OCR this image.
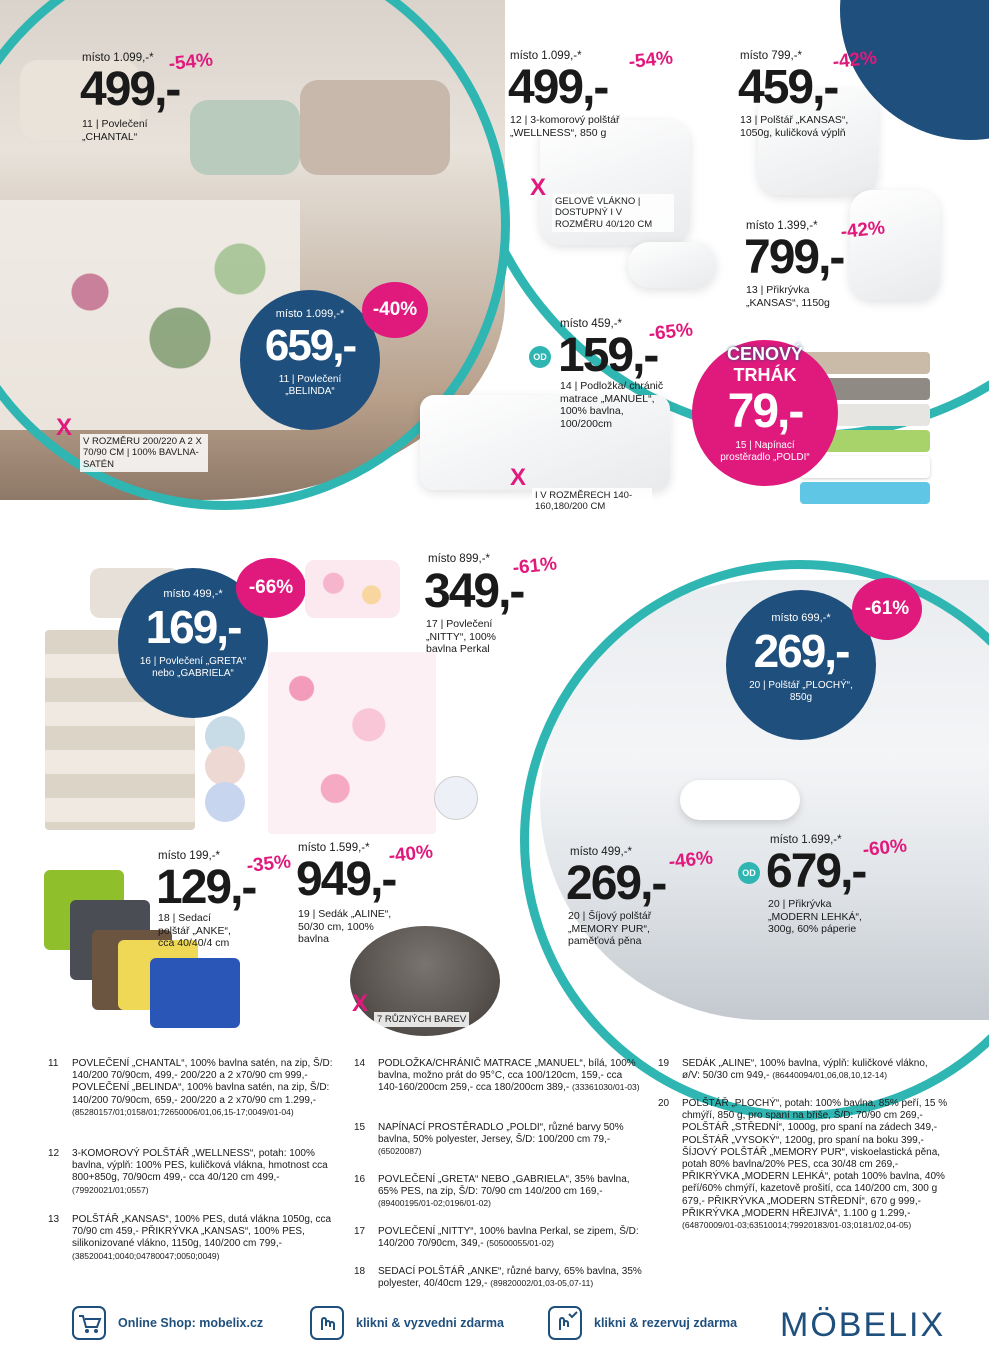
místo 1.099,-*
499,-
-54%
11 | Povlečení „CHANTAL“
místo 1.099,-*
659,-
11 | Povlečení „BELINDA“
-40%
X
V ROZMĚRU 200/220 A 2 X 70/90 CM | 100% BAVLNA-SATÉN
místo 1.099,-*
499,-
-54%
12 | 3-komorový polštář „WELLNESS“, 850 g
X
GELOVÉ VLÁKNO | DOSTUPNÝ I V ROZMĚRU 40/120 CM
místo 799,-*
459,-
-42%
13 | Polštář „KANSAS“, 1050g, kuličková výplň
místo 1.399,-*
799,-
-42%
13 | Přikrývka „KANSAS“, 1150g
místo 459,-*
OD 159,-
-65%
14 | Podložka/ chránič matrace „MANUEL“, 100% bavlna, 100/200cm
X
I V ROZMĚRECH 140-160,180/200 CM
CENOVÝ
TRHÁK
79,-
15 | Napínací prostěradlo „POLDI“
místo 499,-*
169,-
16 | Povlečení „GRETA“ nebo „GABRIELA“
-66%
místo 899,-*
349,-
-61%
17 | Povlečení „NITTY“, 100% bavlna Perkal
místo 699,-*
269,-
20 | Polštář „PLOCHÝ“, 850g
-61%
místo 499,-*
269,- -46%
20 | Šíjový polštář „MEMORY PUR“, paměťová pěna
místo 1.699,-*
OD 679,-
-60%
20 | Přikrývka „MODERN LEHKÁ“, 300g, 60% páperie
místo 199,-*
129,-
-35%
18 | Sedací polštář „ANKE“, cca 40/40/4 cm
místo 1.599,-*
949,-
-40%
19 | Sedák „ALINE“, 50/30 cm, 100% bavlna
X
7 RŮZNÝCH BAREV
11	POVLEČENÍ „CHANTAL“, 100% bavlna satén, na zip, Š/D: 140/200 70/90cm, 499,- 200/220 a 2 x70/90 cm 999,- POVLEČENÍ „BELINDA“, 100% bavlna satén, na zip, Š/D: 140/200 70/90cm, 659,- 200/220 a 2 x70/90 cm 1.299,- (85280157/01;0158/01;72650006/01,06,15-17;0049/01-04)
12	3-KOMOROVÝ POLŠTÁŘ „WELLNESS“, potah: 100% bavlna, výplň: 100% PES, kuličková vlákna, hmotnost cca 800+850g, 70/90cm 499,- cca 40/120 cm 499,- (79920021/01;0557)
13	POLŠTÁŘ „KANSAS“, 100% PES, dutá vlákna 1050g, cca 70/90 cm 459,- PŘIKRÝVKA „KANSAS“, 100% PES, silikonizované vlákno, 1150g, 140/200 cm 799,- (38520041;0040;04780047;0050;0049)
14	PODLOŽKA/CHRÁNIČ MATRACE „MANUEL“, bílá, 100% bavlna, možno prát do 95°C, cca 100/120cm, 159,- cca 140-160/200cm 259,- cca 180/200cm 389,- (33361030/01-03)
15	NAPÍNACÍ PROSTĚRADLO „POLDI“, různé barvy 50% bavlna, 50% polyester, Jersey, Š/D: 100/200 cm 79,- (65020087)
16	POVLEČENÍ „GRETA“ NEBO „GABRIELA“, 35% bavlna, 65% PES, na zip, Š/D: 70/90 cm 140/200 cm 169,- (89400195/01-02;0196/01-02)
17	POVLEČENÍ „NITTY“, 100% bavlna Perkal, se zipem, Š/D: 140/200 70/90cm, 349,- (50500055/01-02)
18	SEDACÍ POLŠTÁŘ „ANKE“, různé barvy, 65% bavlna, 35% polyester, 40/40cm 129,- (89820002/01,03-05,07-11)
19	SEDÁK „ALINE“, 100% bavlna, výplň: kuličkové vlákno, ø/V: 50/30 cm 949,- (86440094/01,06,08,10,12-14)
20	POLŠTÁŘ „PLOCHÝ“, potah: 100% bavlna, 85% peří, 15 % chmýří, 850 g, pro spaní na břiše, Š/D: 70/90 cm 269,- POLŠTÁŘ „STŘEDNÍ“, 1000g, pro spaní na zádech 349,- POLŠTÁŘ „VYSOKÝ“, 1200g, pro spaní na boku 399,- ŠÍJOVÝ POLŠTÁŘ „MEMORY PUR“, viskoelastická pěna, potah 80% bavlna/20% PES, cca 30/48 cm 269,- PŘIKRÝVKA „MODERN LEHKÁ“, potah 100% bavlna, 40% peří/60% chmýří, kazetově prošití, cca 140/200 cm, 300 g 679,- PŘIKRÝVKA „MODERN STŘEDNÍ“, 670 g 999,- PŘIKRÝVKA „MODERN HŘEJIVÁ“, 1.100 g 1.299,- (64870009/01-03;63510014;79920183/01-03;0181/02,04-05)
Online Shop: mobelix.cz	klikni & vyzvedni zdarma	klikni & rezervuj zdarma MÖBELIX
